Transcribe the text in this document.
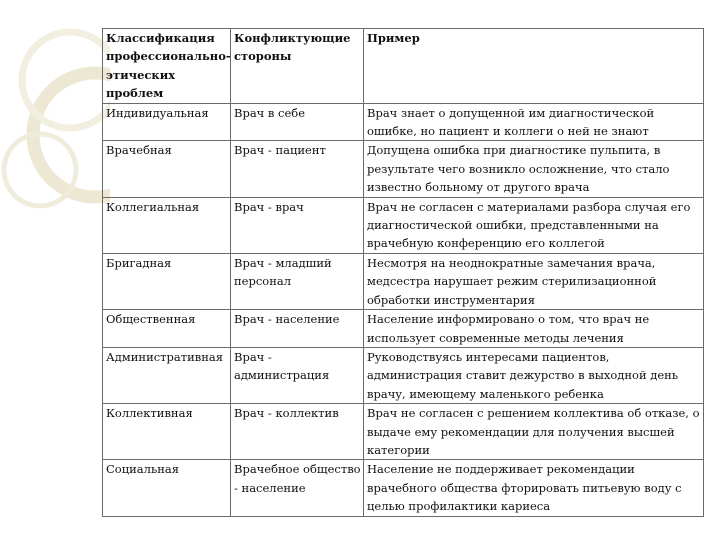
Классификация профессионально-этических проблем	Конфликтующие стороны	Пример
Индивидуальная	Врач в себе	Врач знает о допущенной им диагностической ошибке, но пациент и коллеги о ней не знают
Врачебная	Врач - пациент	Допущена ошибка при диагностике пульпита, в результате чего возникло осложнение, что стало известно больному от другого врача
Коллегиальная	Врач - врач	Врач не согласен с материалами разбора случая его диагностической ошибки, представленными на врачебную конференцию его коллегой
Бригадная	Врач - младший персонал	Несмотря на неоднократные замечания врача, медсестра нарушает режим стерилизационной обработки инструментария
Общественная	Врач - население	Население информировано о том, что врач не использует современные методы лечения
Административная	Врач - администрация	Руководствуясь интересами пациентов, администрация ставит дежурство в выходной день врачу, имеющему маленького ребенка
Коллективная	Врач - коллектив	Врач не согласен с решением коллектива об отказе, о выдаче ему рекомендации для получения высшей категории
Социальная	Врачебное общество - население	Население не поддерживает рекомендации врачебного общества фторировать питьевую воду с целью профилактики кариеса
